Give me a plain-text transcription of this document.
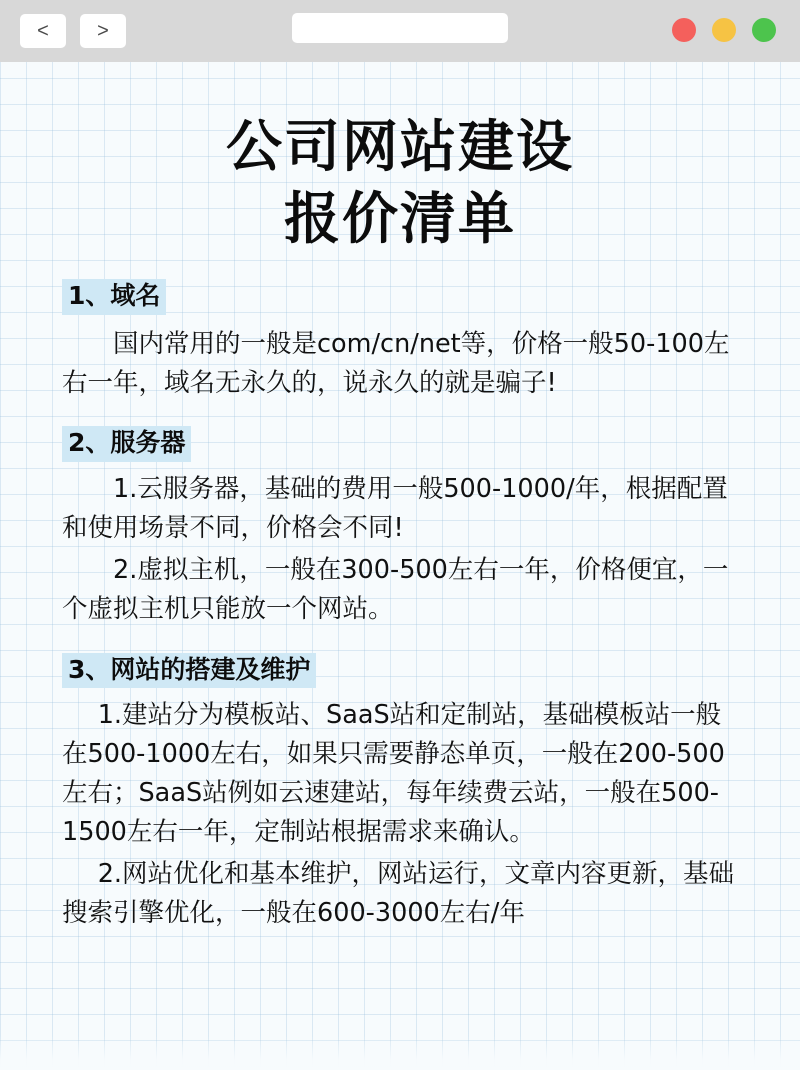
<	>
公司网站建设
报价清单
1、域名

国内常用的一般是com/cn/net等，价格一般50-100左右一年，域名无永久的，说永久的就是骗子!

2、服务器

1.云服务器，基础的费用一般500-1000/年，根据配置和使用场景不同，价格会不同!

2.虚拟主机，一般在300-500左右一年，价格便宜，一个虚拟主机只能放一个网站。

3、网站的搭建及维护

1.建站分为模板站、SaaS站和定制站，基础模板站一般在500-1000左右，如果只需要静态单页，一般在200-500左右；SaaS站例如云速建站，每年续费云站，一般在500-1500左右一年，定制站根据需求来确认。

2.网站优化和基本维护，网站运行，文章内容更新，基础搜索引擎优化，一般在600-3000左右/年
